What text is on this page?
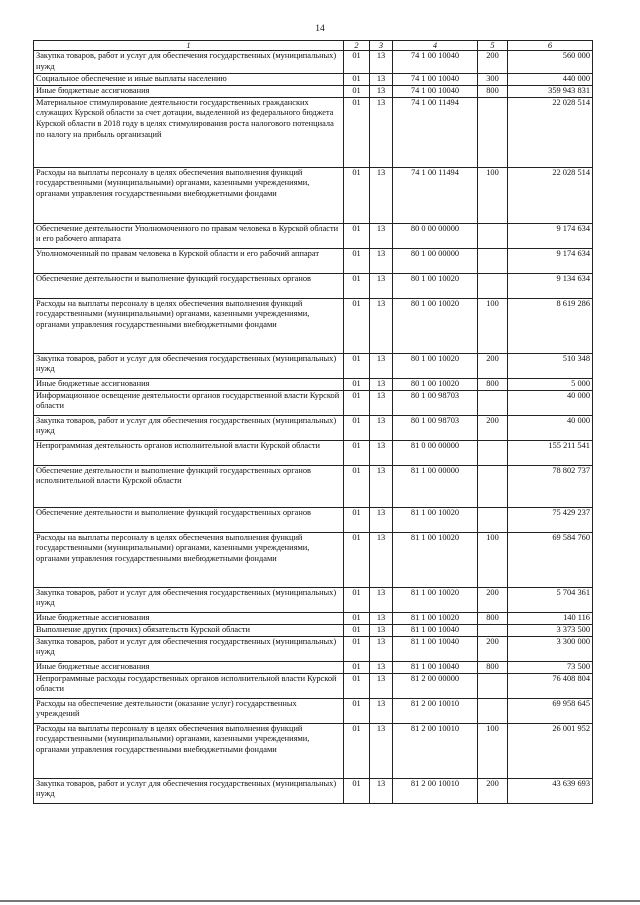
14
1	2	3	4	5	6
Закупка товаров, работ и услуг для обеспечения государственных (муниципальных) нужд	01	13	74 1 00 10040	200	560 000
Социальное обеспечение и иные выплаты населению	01	13	74 1 00 10040	300	440 000
Иные бюджетные ассигнования	01	13	74 1 00 10040	800	359 943 831
Материальное стимулирование деятельности государственных гражданских служащих Курской области за счет дотации, выделенной из федерального бюджета Курской области в 2018 году в целях стимулирования роста налогового потенциала по налогу на прибыль организаций	01	13	74 1 00 11494		22 028 514
Расходы на выплаты персоналу в целях обеспечения выполнения функций государственными (муниципальными) органами, казенными учреждениями, органами управления государственными внебюджетными фондами	01	13	74 1 00 11494	100	22 028 514
Обеспечение деятельности Уполномоченного по правам человека в Курской области и его рабочего аппарата	01	13	80 0 00 00000		9 174 634
Уполномоченный по правам человека в Курской области и его рабочий аппарат	01	13	80 1 00 00000		9 174 634
Обеспечение деятельности и выполнение функций государственных органов	01	13	80 1 00 10020		9 134 634
Расходы на выплаты персоналу в целях обеспечения выполнения функций государственными (муниципальными) органами, казенными учреждениями, органами управления государственными внебюджетными фондами	01	13	80 1 00 10020	100	8 619 286
Закупка товаров, работ и услуг для обеспечения государственных (муниципальных) нужд	01	13	80 1 00 10020	200	510 348
Иные бюджетные ассигнования	01	13	80 1 00 10020	800	5 000
Информационное освещение деятельности органов государственной власти Курской области	01	13	80 1 00 98703		40 000
Закупка товаров, работ и услуг для обеспечения государственных (муниципальных) нужд	01	13	80 1 00 98703	200	40 000
Непрограммная деятельность органов исполнительной власти Курской области	01	13	81 0 00 00000		155 211 541
Обеспечение деятельности и выполнение функций государственных органов исполнительной власти Курской области	01	13	81 1 00 00000		78 802 737
Обеспечение деятельности и выполнение функций государственных органов	01	13	81 1 00 10020		75 429 237
Расходы на выплаты персоналу в целях обеспечения выполнения функций государственными (муниципальными) органами, казенными учреждениями, органами управления государственными внебюджетными фондами	01	13	81 1 00 10020	100	69 584 760
Закупка товаров, работ и услуг для обеспечения государственных (муниципальных) нужд	01	13	81 1 00 10020	200	5 704 361
Иные бюджетные ассигнования	01	13	81 1 00 10020	800	140 116
Выполнение других (прочих) обязательств Курской области	01	13	81 1 00 10040		3 373 500
Закупка товаров, работ и услуг для обеспечения государственных (муниципальных) нужд	01	13	81 1 00 10040	200	3 300 000
Иные бюджетные ассигнования	01	13	81 1 00 10040	800	73 500
Непрограммные расходы государственных органов исполнительной власти Курской области	01	13	81 2 00 00000		76 408 804
Расходы на обеспечение деятельности (оказание услуг) государственных учреждений	01	13	81 2 00 10010		69 958 645
Расходы на выплаты персоналу в целях обеспечения выполнения функций государственными (муниципальными) органами, казенными учреждениями, органами управления государственными внебюджетными фондами	01	13	81 2 00 10010	100	26 001 952
Закупка товаров, работ и услуг для обеспечения государственных (муниципальных) нужд	01	13	81 2 00 10010	200	43 639 693
